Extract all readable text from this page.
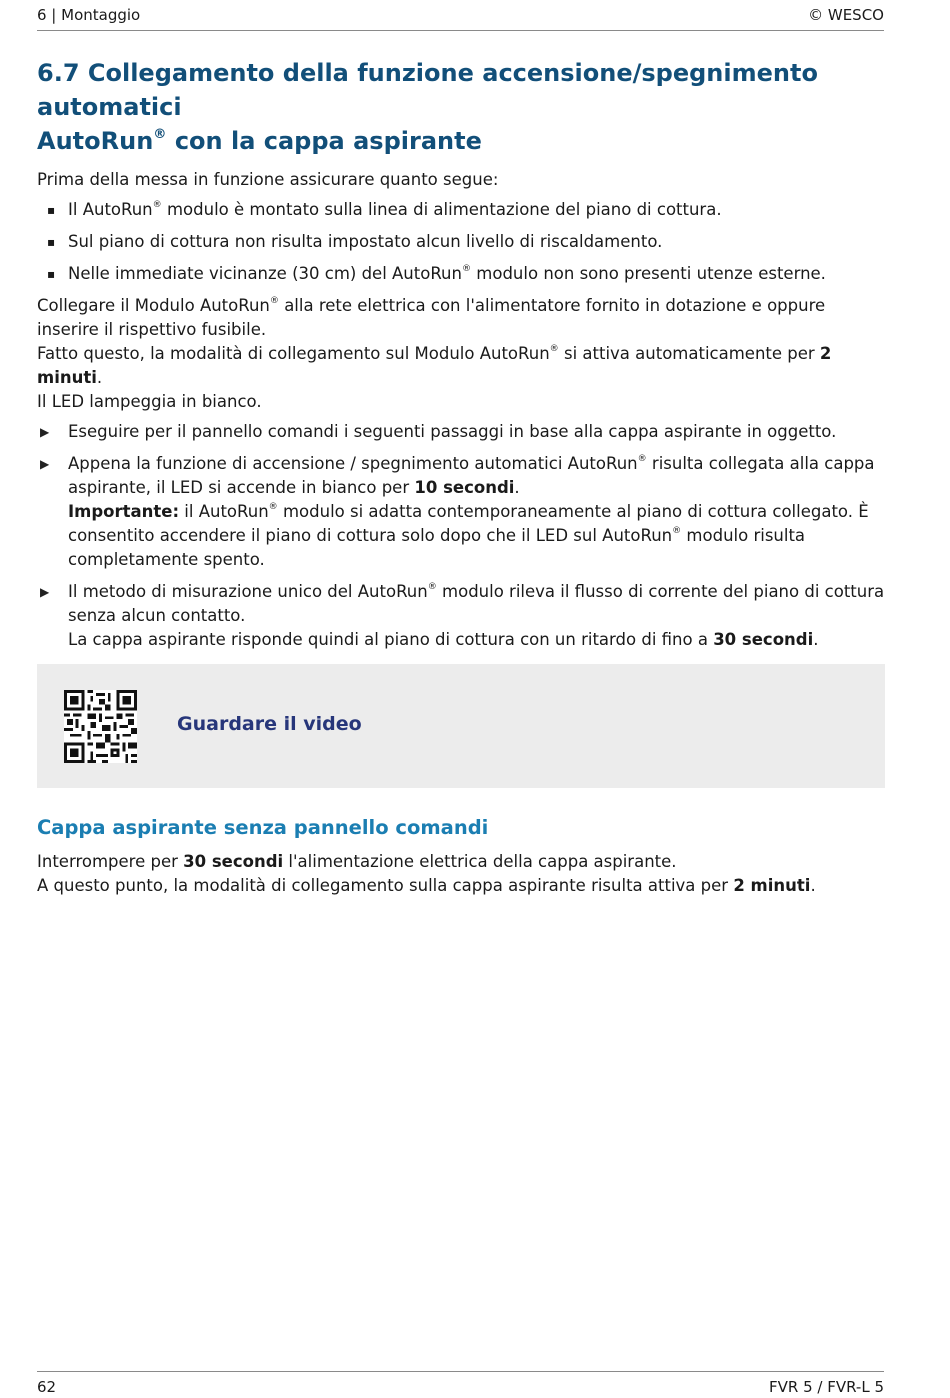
6 | Montaggio	© WESCO
6.7 Collegamento della funzione accensione/spegnimento automatici
AutoRun® con la cappa aspirante

Prima della messa in funzione assicurare quanto segue:

▪ Il AutoRun® modulo è montato sulla linea di alimentazione del piano di cottura.
▪ Sul piano di cottura non risulta impostato alcun livello di riscaldamento.
▪ Nelle immediate vicinanze (30 cm) del AutoRun® modulo non sono presenti utenze esterne.

Collegare il Modulo AutoRun® alla rete elettrica con l'alimentatore fornito in dotazione e oppure inserire il rispettivo fusibile.
Fatto questo, la modalità di collegamento sul Modulo AutoRun® si attiva automaticamente per 2 minuti.
Il LED lampeggia in bianco.

▶ Eseguire per il pannello comandi i seguenti passaggi in base alla cappa aspirante in oggetto.
▶ Appena la funzione di accensione / spegnimento automatici AutoRun® risulta collegata alla cappa aspirante, il LED si accende in bianco per 10 secondi.
Importante: il AutoRun® modulo si adatta contemporaneamente al piano di cottura collegato. È consentito accendere il piano di cottura solo dopo che il LED sul AutoRun® modulo risulta completamente spento.
▶ Il metodo di misurazione unico del AutoRun® modulo rileva il flusso di corrente del piano di cottura senza alcun contatto.
La cappa aspirante risponde quindi al piano di cottura con un ritardo di fino a 30 secondi.
Guardare il video
Cappa aspirante senza pannello comandi

Interrompere per 30 secondi l'alimentazione elettrica della cappa aspirante.
A questo punto, la modalità di collegamento sulla cappa aspirante risulta attiva per 2 minuti.

62	FVR 5 / FVR-L 5
